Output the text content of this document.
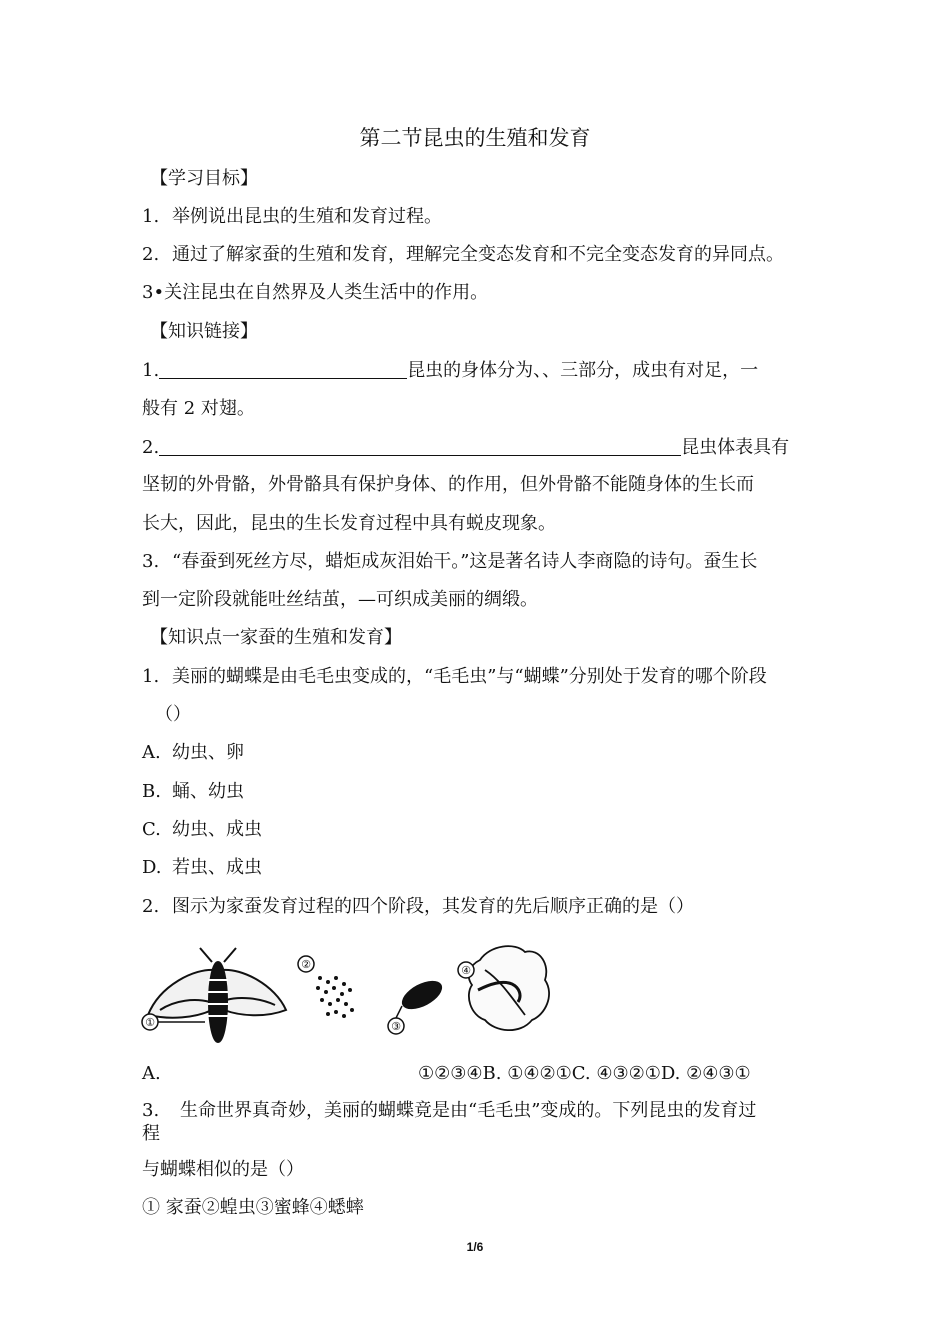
第二节昆虫的生殖和发育
【学习目标】
1. 举例说出昆虫的生殖和发育过程。
2. 通过了解家蚕的生殖和发育，理解完全变态发育和不完全变态发育的异同点。
3•关注昆虫在自然界及人类生活中的作用。
【知识链接】
1.	昆虫的身体分为、、三部分，成虫有对足，一
般有 2 对翅。
2.	昆虫体表具有
坚韧的外骨骼，外骨骼具有保护身体、的作用，但外骨骼不能随身体的生长而
长大，因此，昆虫的生长发育过程中具有蜕皮现象。
3. “春蚕到死丝方尽，蜡炬成灰泪始干。”这是著名诗人李商隐的诗句。蚕生长
到一定阶段就能吐丝结茧，—可织成美丽的绸缎。
【知识点一家蚕的生殖和发育】
1. 美丽的蝴蝶是由毛毛虫变成的，“毛毛虫”与“蝴蝶”分别处于发育的哪个阶段
（）
A. 幼虫、卵
B. 蛹、幼虫
C. 幼虫、成虫
D. 若虫、成虫
2. 图示为家蚕发育过程的四个阶段，其发育的先后顺序正确的是（）
①
②
③
④
A.	①②③④B. ①④②①C. ④③②①D. ②④③①
3. 生命世界真奇妙，美丽的蝴蝶竟是由“毛毛虫”变成的。下列昆虫的发育过
程
与蝴蝶相似的是（）
① 家蚕②蝗虫③蜜蜂④蟋蟀
1/6
